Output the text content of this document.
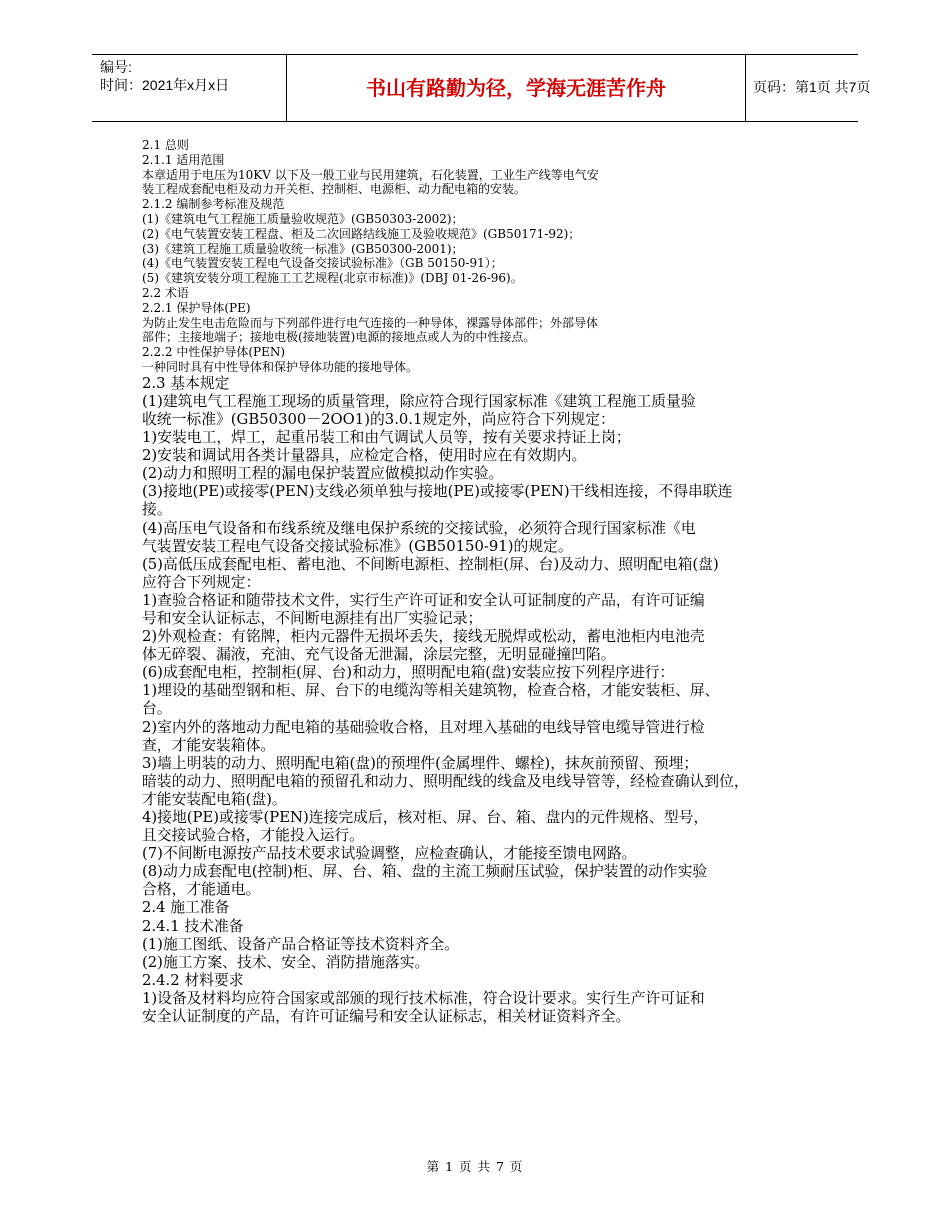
编号:
时间：2021年x月x日	书山有路勤为径，学海无涯苦作舟	页码：第1页 共7页
2.1 总则
2.1.1 适用范围
本章适用于电压为10KV 以下及一般工业与民用建筑，石化装置，工业生产线等电气安
装工程成套配电柜及动力开关柜、控制柜、电源柜、动力配电箱的安装。
2.1.2 编制参考标准及规范
(1)《建筑电气工程施工质量验收规范》(GB50303-2002)；
(2)《电气装置安装工程盘、柜及二次回路结线施工及验收规范》(GB50171-92)；
(3)《建筑工程施工质量验收统一标准》(GB50300-2001)；
(4)《电气装置安装工程电气设备交接试验标准》（GB 50150-91）；
(5)《建筑安装分项工程施工工艺规程(北京市标准)》(DBJ 01-26-96)。
2.2 术语
2.2.1 保护导体(PE)
为防止发生电击危险而与下列部件进行电气连接的一种导体，裸露导体部件；外部导体
部件；主接地端子；接地电极(接地装置)电源的接地点或人为的中性接点。
2.2.2 中性保护导体(PEN)
一种同时具有中性导体和保护导体功能的接地导体。
2.3 基本规定
(1)建筑电气工程施工现场的质量管理，除应符合现行国家标准《建筑工程施工质量验
收统一标准》(GB50300－2OO1)的3.0.1规定外，尚应符合下列规定：
1)安装电工，焊工，起重吊装工和由气调试人员等，按有关要求持证上岗；
2)安装和调试用各类计量器具，应检定合格，使用时应在有效期内。
(2)动力和照明工程的漏电保护装置应做模拟动作实验。
(3)接地(PE)或接零(PEN)支线必须单独与接地(PE)或接零(PEN)干线相连接，不得串联连
接。
(4)高压电气设备和布线系统及继电保护系统的交接试验，必须符合现行国家标准《电
气装置安装工程电气设备交接试验标准》(GB50150-91)的规定。
(5)高低压成套配电柜、蓄电池、不间断电源柜、控制柜(屏、台)及动力、照明配电箱(盘)
应符合下列规定：
1)查验合格证和随带技术文件，实行生产许可证和安全认可证制度的产品，有许可证编
号和安全认证标志，不间断电源挂有出厂实验记录；
2)外观检查：有铭牌，柜内元器件无损坏丢失，接线无脱焊或松动，蓄电池柜内电池壳
体无碎裂、漏液，充油、充气设备无泄漏，涂层完整，无明显碰撞凹陷。
(6)成套配电柜，控制柜(屏、台)和动力，照明配电箱(盘)安装应按下列程序进行：
1)埋设的基础型钢和柜、屏、台下的电缆沟等相关建筑物，检查合格，才能安装柜、屏、
台。
2)室内外的落地动力配电箱的基础验收合格，且对埋入基础的电线导管电缆导管进行检
查，才能安装箱体。
3)墙上明装的动力、照明配电箱(盘)的预埋件(金属埋件、螺栓)，抹灰前预留、预埋；
暗装的动力、照明配电箱的预留孔和动力、照明配线的线盒及电线导管等，经检查确认到位，
才能安装配电箱(盘)。
4)接地(PE)或接零(PEN)连接完成后，核对柜、屏、台、箱、盘内的元件规格、型号，
且交接试验合格，才能投入运行。
(7)不间断电源按产品技术要求试验调整，应检查确认，才能接至馈电网路。
(8)动力成套配电(控制)柜、屏、台、箱、盘的主流工频耐压试验，保护装置的动作实验
合格，才能通电。
2.4 施工准备
2.4.1 技术准备
(1)施工图纸、设备产品合格证等技术资料齐全。
(2)施工方案、技术、安全、消防措施落实。
2.4.2 材料要求
1)设备及材料均应符合国家或部颁的现行技术标准，符合设计要求。实行生产许可证和
安全认证制度的产品，有许可证编号和安全认证标志，相关材证资料齐全。
第 1 页 共 7 页
